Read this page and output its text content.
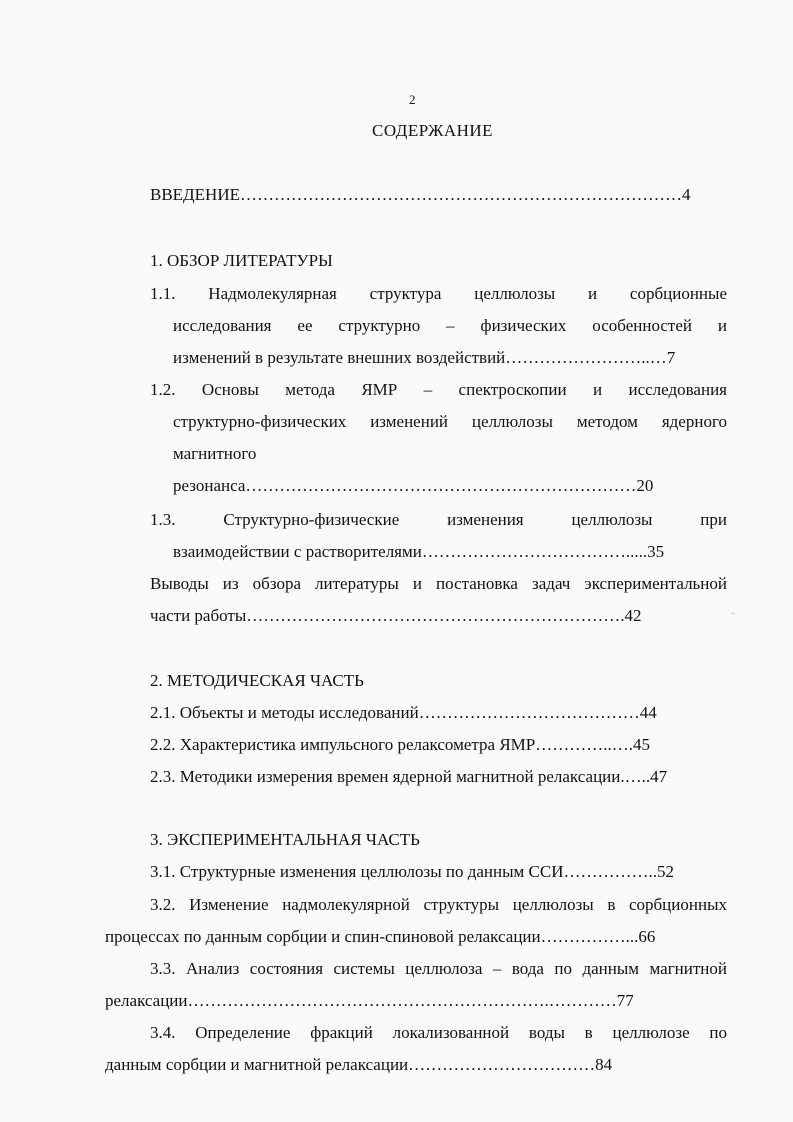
2
СОДЕРЖАНИЕ
ВВЕДЕНИЕ……………………………………………………………………4
1. ОБЗОР ЛИТЕРАТУРЫ
1.1. Надмолекулярная структура целлюлозы и сорбционные
исследования ее структурно – физических особенностей и
изменений в результате внешних воздействий……………………..…7
1.2. Основы метода ЯМР – спектроскопии и исследования
структурно-физических изменений целлюлозы методом ядерного
магнитного
резонанса……………………………………………………………20
1.3. Структурно-физические изменения целлюлозы при
взаимодействии с растворителями……………………………….....35
Выводы из обзора литературы и постановка задач экспериментальной
части работы………………………………………………………….42	·
2. МЕТОДИЧЕСКАЯ ЧАСТЬ
2.1. Объекты и методы исследований…………………………………44
2.2. Характеристика импульсного релаксометра ЯМР…………..….45
2.3. Методики измерения времен ядерной магнитной релаксации.…..47
3. ЭКСПЕРИМЕНТАЛЬНАЯ ЧАСТЬ
3.1. Структурные изменения целлюлозы по данным ССИ……………..52
3.2. Изменение надмолекулярной структуры целлюлозы в сорбционных
процессах по данным сорбции и спин-спиновой релаксации……………...66
3.3. Анализ состояния системы целлюлоза – вода по данным магнитной
релаксации……………………………………………………….…………77
3.4. Определение фракций локализованной воды в целлюлозе по
данным сорбции и магнитной релаксации……………………………84
